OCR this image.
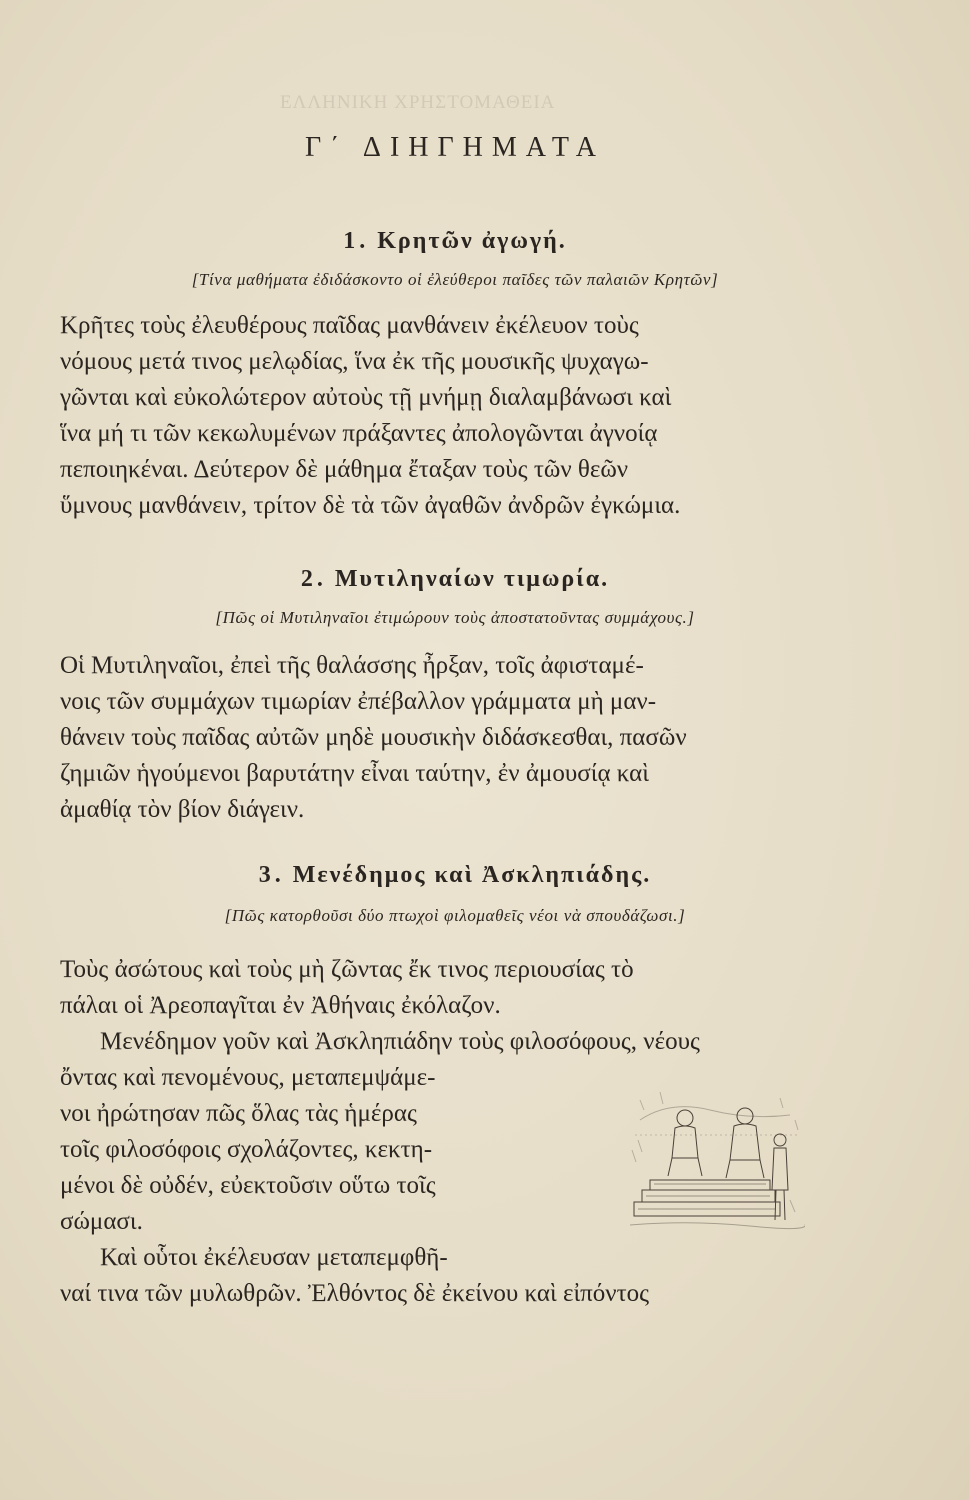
ΕΛΛΗΝΙΚΗ ΧΡΗΣΤΟΜΑΘΕΙΑ
Γ΄ ΔΙΗΓΗΜΑΤΑ
1. Κρητῶν ἀγωγή.
[Τίνα μαθήματα ἐδιδάσκοντο οἱ ἐλεύθεροι παῖδες τῶν παλαιῶν Κρητῶν]
Κρῆτες τοὺς ἐλευθέρους παῖδας μανθάνειν ἐκέλευον τοὺς
νόμους μετά τινος μελῳδίας, ἵνα ἐκ τῆς μουσικῆς ψυχαγω-
γῶνται καὶ εὐκολώτερον αὐτοὺς τῇ μνήμῃ διαλαμβάνωσι καὶ
ἵνα μή τι τῶν κεκωλυμένων πράξαντες ἀπολογῶνται ἀγνοίᾳ
πεποιηκέναι. Δεύτερον δὲ μάθημα ἔταξαν τοὺς τῶν θεῶν
ὕμνους μανθάνειν, τρίτον δὲ τὰ τῶν ἀγαθῶν ἀνδρῶν ἐγκώμια.
2. Μυτιληναίων τιμωρία.
[Πῶς οἱ Μυτιληναῖοι ἐτιμώρουν τοὺς ἀποστατοῦντας συμμάχους.]
Οἱ Μυτιληναῖοι, ἐπεὶ τῆς θαλάσσης ἦρξαν, τοῖς ἀφισταμέ-
νοις τῶν συμμάχων τιμωρίαν ἐπέβαλλον γράμματα μὴ μαν-
θάνειν τοὺς παῖδας αὐτῶν μηδὲ μουσικὴν διδάσκεσθαι, πασῶν
ζημιῶν ἡγούμενοι βαρυτάτην εἶναι ταύτην, ἐν ἀμουσίᾳ καὶ
ἀμαθίᾳ τὸν βίον διάγειν.
3. Μενέδημος καὶ Ἀσκληπιάδης.
[Πῶς κατορθοῦσι δύο πτωχοὶ φιλομαθεῖς νέοι νὰ σπουδάζωσι.]
Τοὺς ἀσώτους καὶ τοὺς μὴ ζῶντας ἔκ τινος περιουσίας τὸ
πάλαι οἱ Ἀρεοπαγῖται ἐν Ἀθήναις ἐκόλαζον.
Μενέδημον γοῦν καὶ Ἀσκληπιάδην τοὺς φιλοσόφους, νέους
ὄντας καὶ πενομένους, μεταπεμψάμε-
νοι ἠρώτησαν πῶς ὅλας τὰς ἡμέρας
τοῖς φιλοσόφοις σχολάζοντες, κεκτη-
μένοι δὲ οὐδέν, εὐεκτοῦσιν οὕτω τοῖς
σώμασι.
Καὶ οὗτοι ἐκέλευσαν μεταπεμφθῆ-
ναί τινα τῶν μυλωθρῶν. Ἐλθόντος δὲ ἐκείνου καὶ εἰπόντος
